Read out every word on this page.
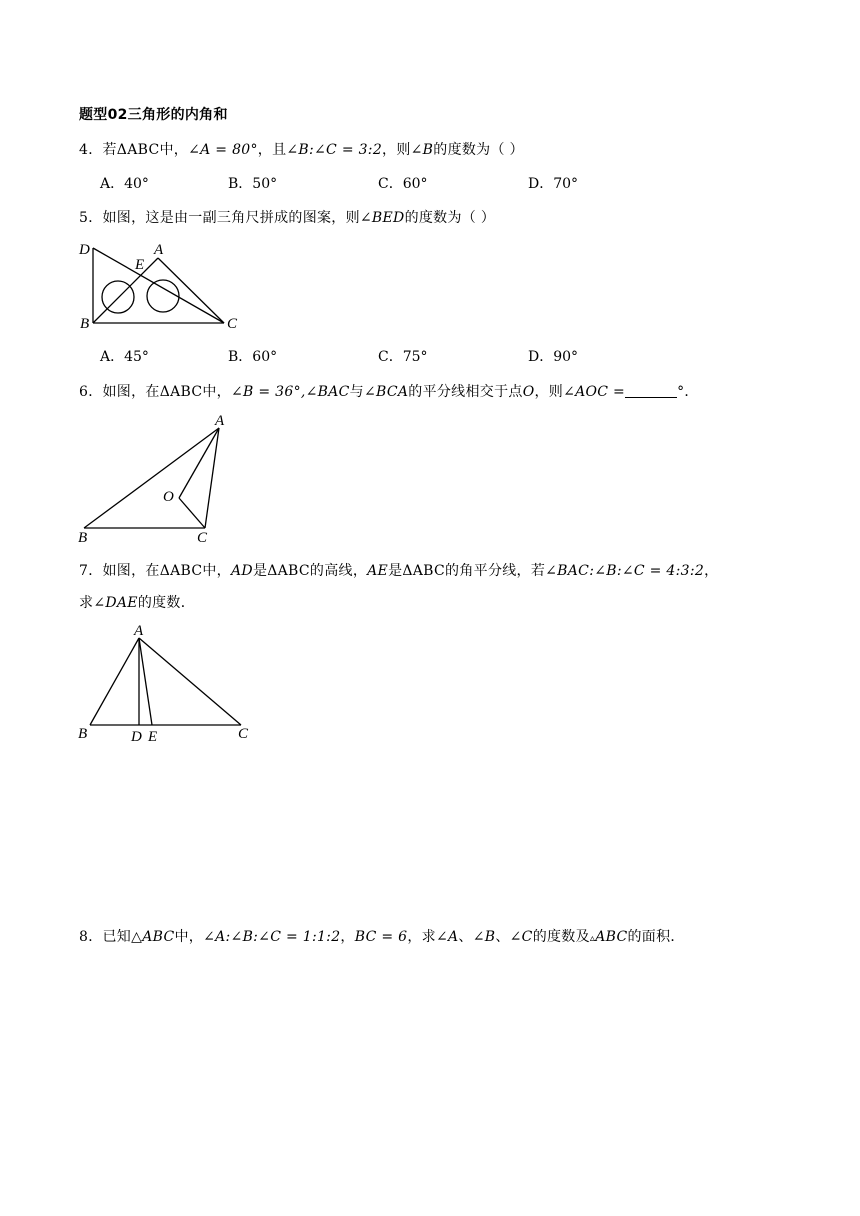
题型02三角形的内角和
4．若ΔABC中，∠A = 80°，且∠B:∠C = 3:2，则∠B的度数为（ ）
A．40°	B．50°	C．60°	D．70°
5．如图，这是由一副三角尺拼成的图案，则∠BED的度数为（ ）
D	A
E
B	C
A．45°	B．60°	C．75°	D．90°
6．如图，在ΔABC中，∠B = 36°,∠BAC与∠BCA的平分线相交于点O，则∠AOC =	°．
A
O
B	C
7．如图，在ΔABC中，AD是ΔABC的高线，AE是ΔABC的角平分线，若∠BAC:∠B:∠C = 4:3:2，
求∠DAE的度数．
A
B	D E	C
8．已知△ABC中，∠A:∠B:∠C = 1:1:2，BC = 6，求∠A、∠B、∠C的度数及▵ABC的面积．
